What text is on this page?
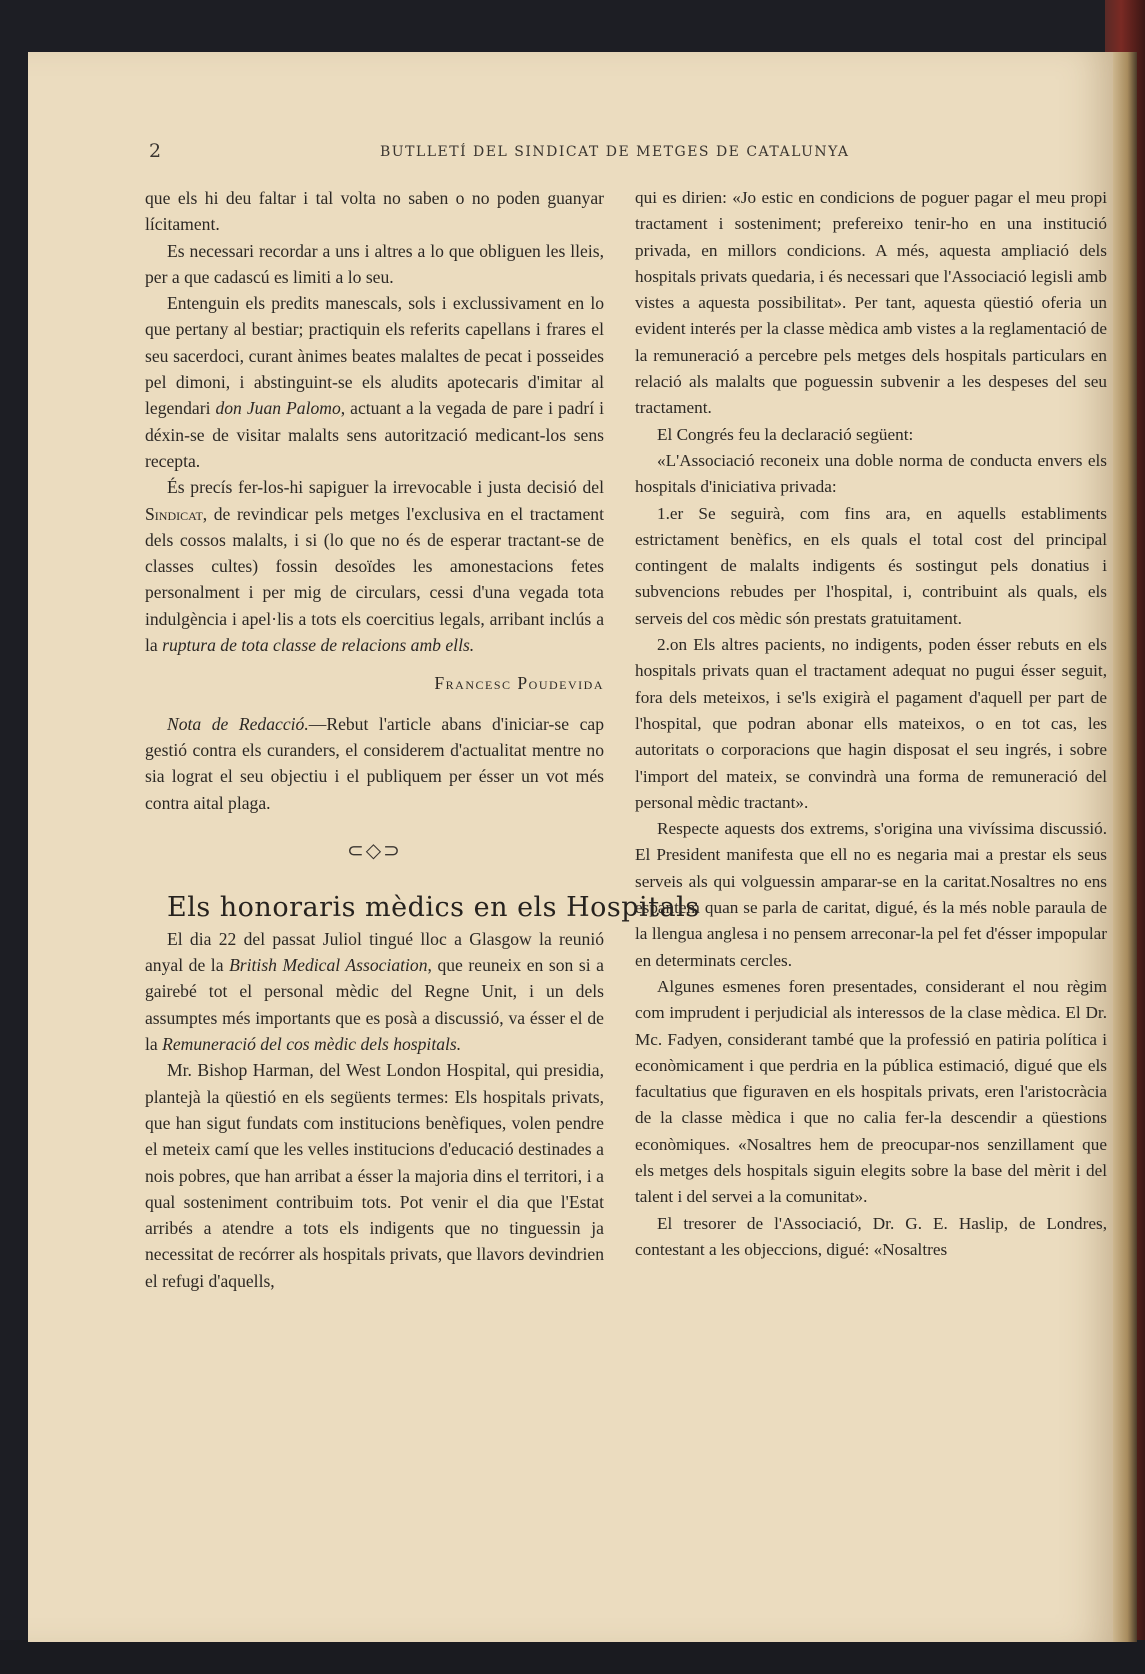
2	BUTLLETÍ DEL SINDICAT DE METGES DE CATALUNYA

que els hi deu faltar i tal volta no saben o no poden guanyar lícitament.

Es necessari recordar a uns i altres a lo que obliguen les lleis, per a que cadascú es limiti a lo seu.

Entenguin els predits manescals, sols i exclussivament en lo que pertany al bestiar; practiquin els referits capellans i frares el seu sacerdoci, curant ànimes beates malaltes de pecat i posseides pel dimoni, i abstinguint-se els aludits apotecaris d'imitar al legendari don Juan Palomo, actuant a la vegada de pare i padrí i déxin-se de visitar malalts sens autorització medicant-los sens recepta.

És precís fer-los-hi sapiguer la irrevocable i justa decisió del Sindicat, de revindicar pels metges l'exclusiva en el tractament dels cossos malalts, i si (lo que no és de esperar tractant-se de classes cultes) fossin desoïdes les amonestacions fetes personalment i per mig de circulars, cessi d'una vegada tota indulgència i apel·lis a tots els coercitius legals, arribant inclús a la ruptura de tota classe de relacions amb ells.

Francesc Poudevida

Nota de Redacció.—Rebut l'article abans d'iniciar-se cap gestió contra els curanders, el considerem d'actualitat mentre no sia lograt el seu objectiu i el publiquem per ésser un vot més contra aital plaga.

⊂◇⊃

Els honoraris mèdics en els Hospitals

El dia 22 del passat Juliol tingué lloc a Glasgow la reunió anyal de la British Medical Association, que reuneix en son si a gairebé tot el personal mèdic del Regne Unit, i un dels assumptes més importants que es posà a discussió, va ésser el de la Remuneració del cos mèdic dels hospitals.

Mr. Bishop Harman, del West London Hospital, qui presidia, plantejà la qüestió en els següents termes: Els hospitals privats, que han sigut fundats com institucions benèfiques, volen pendre el meteix camí que les velles institucions d'educació destinades a nois pobres, que han arribat a ésser la majoria dins el territori, i a qual sosteniment contribuim tots. Pot venir el dia que l'Estat arribés a atendre a tots els indigents que no tinguessin ja necessitat de recórrer als hospitals privats, que llavors devindrien el refugi d'aquells,

qui es dirien: «Jo estic en condicions de poguer pagar el meu propi tractament i sosteniment; prefereixo tenir-ho en una institució privada, en millors condicions. A més, aquesta ampliació dels hospitals privats quedaria, i és necessari que l'Associació legisli amb vistes a aquesta possibilitat». Per tant, aquesta qüestió oferia un evident interés per la classe mèdica amb vistes a la reglamentació de la remuneració a percebre pels metges dels hospitals particulars en relació als malalts que poguessin subvenir a les despeses del seu tractament.

El Congrés feu la declaració següent:

«L'Associació reconeix una doble norma de conducta envers els hospitals d'iniciativa privada:

1.er Se seguirà, com fins ara, en aquells establiments estrictament benèfics, en els quals el total cost del principal contingent de malalts indigents és sostingut pels donatius i subvencions rebudes per l'hospital, i, contribuint als quals, els serveis del cos mèdic són prestats gratuitament.

2.on Els altres pacients, no indigents, poden ésser rebuts en els hospitals privats quan el tractament adequat no pugui ésser seguit, fora dels meteixos, i se'ls exigirà el pagament d'aquell per part de l'hospital, que podran abonar ells mateixos, o en tot cas, les autoritats o corporacions que hagin disposat el seu ingrés, i sobre l'import del mateix, se convindrà una forma de remuneració del personal mèdic tractant».

Respecte aquests dos extrems, s'origina una vivíssima discussió. El President manifesta que ell no es negaria mai a prestar els seus serveis als qui volguessin amparar-se en la caritat.Nosaltres no ens espantem quan se parla de caritat, digué, és la més noble paraula de la llengua anglesa i no pensem arreconar-la pel fet d'ésser impopular en determinats cercles.

Algunes esmenes foren presentades, considerant el nou règim com imprudent i perjudicial als interessos de la clase mèdica. El Dr. Mc. Fadyen, considerant també que la professió en patiria política i econòmicament i que perdria en la pública estimació, digué que els facultatius que figuraven en els hospitals privats, eren l'aristocràcia de la classe mèdica i que no calia fer-la descendir a qüestions econòmiques. «Nosaltres hem de preocupar-nos senzillament que els metges dels hospitals siguin elegits sobre la base del mèrit i del talent i del servei a la comunitat».

El tresorer de l'Associació, Dr. G. E. Haslip, de Londres, contestant a les objeccions, digué: «Nosaltres
